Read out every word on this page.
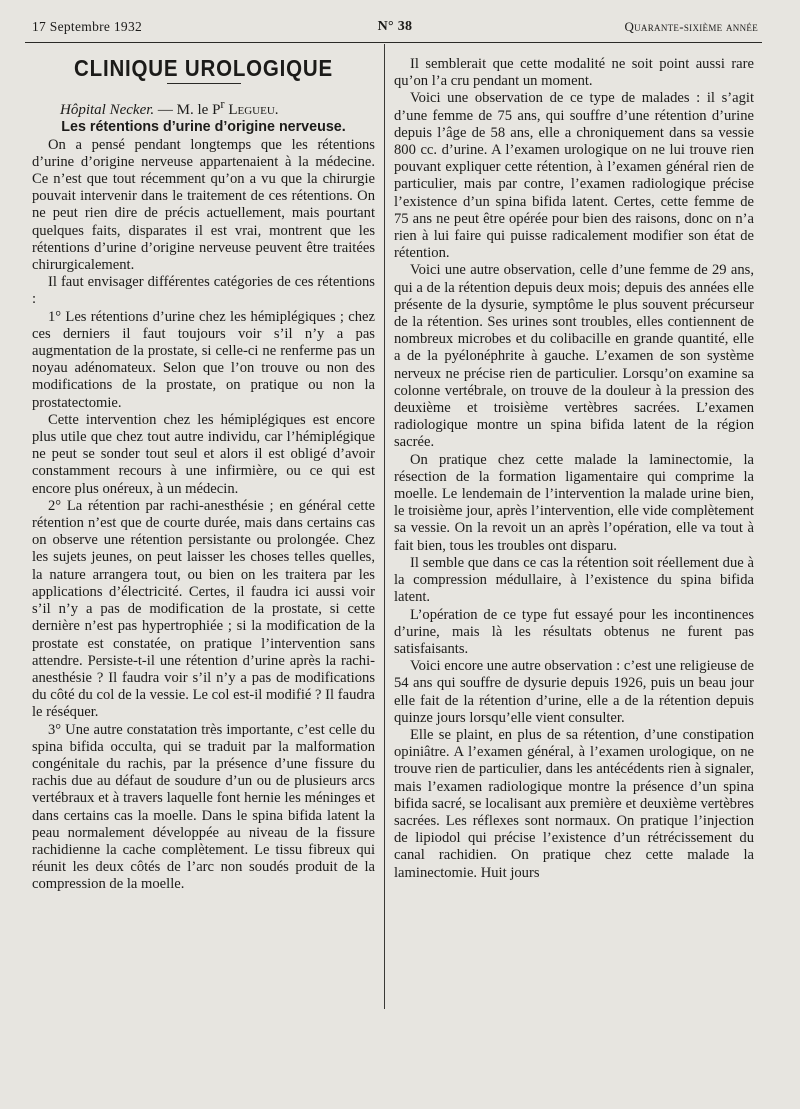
17 Septembre 1932	N° 38	Quarante-sixième année
CLINIQUE UROLOGIQUE

Hôpital Necker. — M. le $P^r$ Legueu.

Les rétentions d’urine d’origine nerveuse.

On a pensé pendant longtemps que les rétentions d’urine d’origine nerveuse appartenaient à la médecine. Ce n’est que tout récemment qu’on a vu que la chirurgie pouvait intervenir dans le traitement de ces rétentions. On ne peut rien dire de précis actuellement, mais pourtant quelques faits, disparates il est vrai, montrent que les rétentions d’urine d’origine nerveuse peuvent être traitées chirurgicalement.

Il faut envisager différentes catégories de ces rétentions :

1° Les rétentions d’urine chez les hémiplégiques ; chez ces derniers il faut toujours voir s’il n’y a pas augmentation de la prostate, si celle-ci ne renferme pas un noyau adénomateux. Selon que l’on trouve ou non des modifications de la prostate, on pratique ou non la prostatectomie.

Cette intervention chez les hémiplégiques est encore plus utile que chez tout autre individu, car l’hémiplégique ne peut se sonder tout seul et alors il est obligé d’avoir constamment recours à une infirmière, ou ce qui est encore plus onéreux, à un médecin.

2° La rétention par rachi-anesthésie ; en général cette rétention n’est que de courte durée, mais dans certains cas on observe une rétention persistante ou prolongée. Chez les sujets jeunes, on peut laisser les choses telles quelles, la nature arrangera tout, ou bien on les traitera par les applications d’électricité. Certes, il faudra ici aussi voir s’il n’y a pas de modification de la prostate, si cette dernière n’est pas hypertrophiée ; si la modification de la prostate est constatée, on pratique l’intervention sans attendre. Persiste-t-il une rétention d’urine après la rachi-anesthésie ? Il faudra voir s’il n’y a pas de modifications du côté du col de la vessie. Le col est-il modifié ? Il faudra le réséquer.

3° Une autre constatation très importante, c’est celle du spina bifida occulta, qui se traduit par la malformation congénitale du rachis, par la présence d’une fissure du rachis due au défaut de soudure d’un ou de plusieurs arcs vertébraux et à travers laquelle font hernie les méninges et dans certains cas la moelle. Dans le spina bifida latent la peau normalement développée au niveau de la fissure rachidienne la cache complètement. Le tissu fibreux qui réunit les deux côtés de l’arc non soudés produit de la compression de la moelle.

Il semblerait que cette modalité ne soit point aussi rare qu’on l’a cru pendant un moment.

Voici une observation de ce type de malades : il s’agit d’une femme de 75 ans, qui souffre d’une rétention d’urine depuis l’âge de 58 ans, elle a chroniquement dans sa vessie 800 cc. d’urine. A l’examen urologique on ne lui trouve rien pouvant expliquer cette rétention, à l’examen général rien de particulier, mais par contre, l’examen radiologique précise l’existence d’un spina bifida latent. Certes, cette femme de 75 ans ne peut être opérée pour bien des raisons, donc on n’a rien à lui faire qui puisse radicalement modifier son état de rétention.

Voici une autre observation, celle d’une femme de 29 ans, qui a de la rétention depuis deux mois; depuis des années elle présente de la dysurie, symptôme le plus souvent précurseur de la rétention. Ses urines sont troubles, elles contiennent de nombreux microbes et du colibacille en grande quantité, elle a de la pyélonéphrite à gauche. L’examen de son système nerveux ne précise rien de particulier. Lorsqu’on examine sa colonne vertébrale, on trouve de la douleur à la pression des deuxième et troisième vertèbres sacrées. L’examen radiologique montre un spina bifida latent de la région sacrée.

On pratique chez cette malade la laminectomie, la résection de la formation ligamentaire qui comprime la moelle. Le lendemain de l’intervention la malade urine bien, le troisième jour, après l’intervention, elle vide complètement sa vessie. On la revoit un an après l’opération, elle va tout à fait bien, tous les troubles ont disparu.

Il semble que dans ce cas la rétention soit réellement due à la compression médullaire, à l’existence du spina bifida latent.

L’opération de ce type fut essayé pour les incontinences d’urine, mais là les résultats obtenus ne furent pas satisfaisants.

Voici encore une autre observation : c’est une religieuse de 54 ans qui souffre de dysurie depuis 1926, puis un beau jour elle fait de la rétention d’urine, elle a de la rétention depuis quinze jours lorsqu’elle vient consulter.

Elle se plaint, en plus de sa rétention, d’une constipation opiniâtre. A l’examen général, à l’examen urologique, on ne trouve rien de particulier, dans les antécédents rien à signaler, mais l’examen radiologique montre la présence d’un spina bifida sacré, se localisant aux première et deuxième vertèbres sacrées. Les réflexes sont normaux. On pratique l’injection de lipiodol qui précise l’existence d’un rétrécissement du canal rachidien. On pratique chez cette malade la laminectomie. Huit jours
